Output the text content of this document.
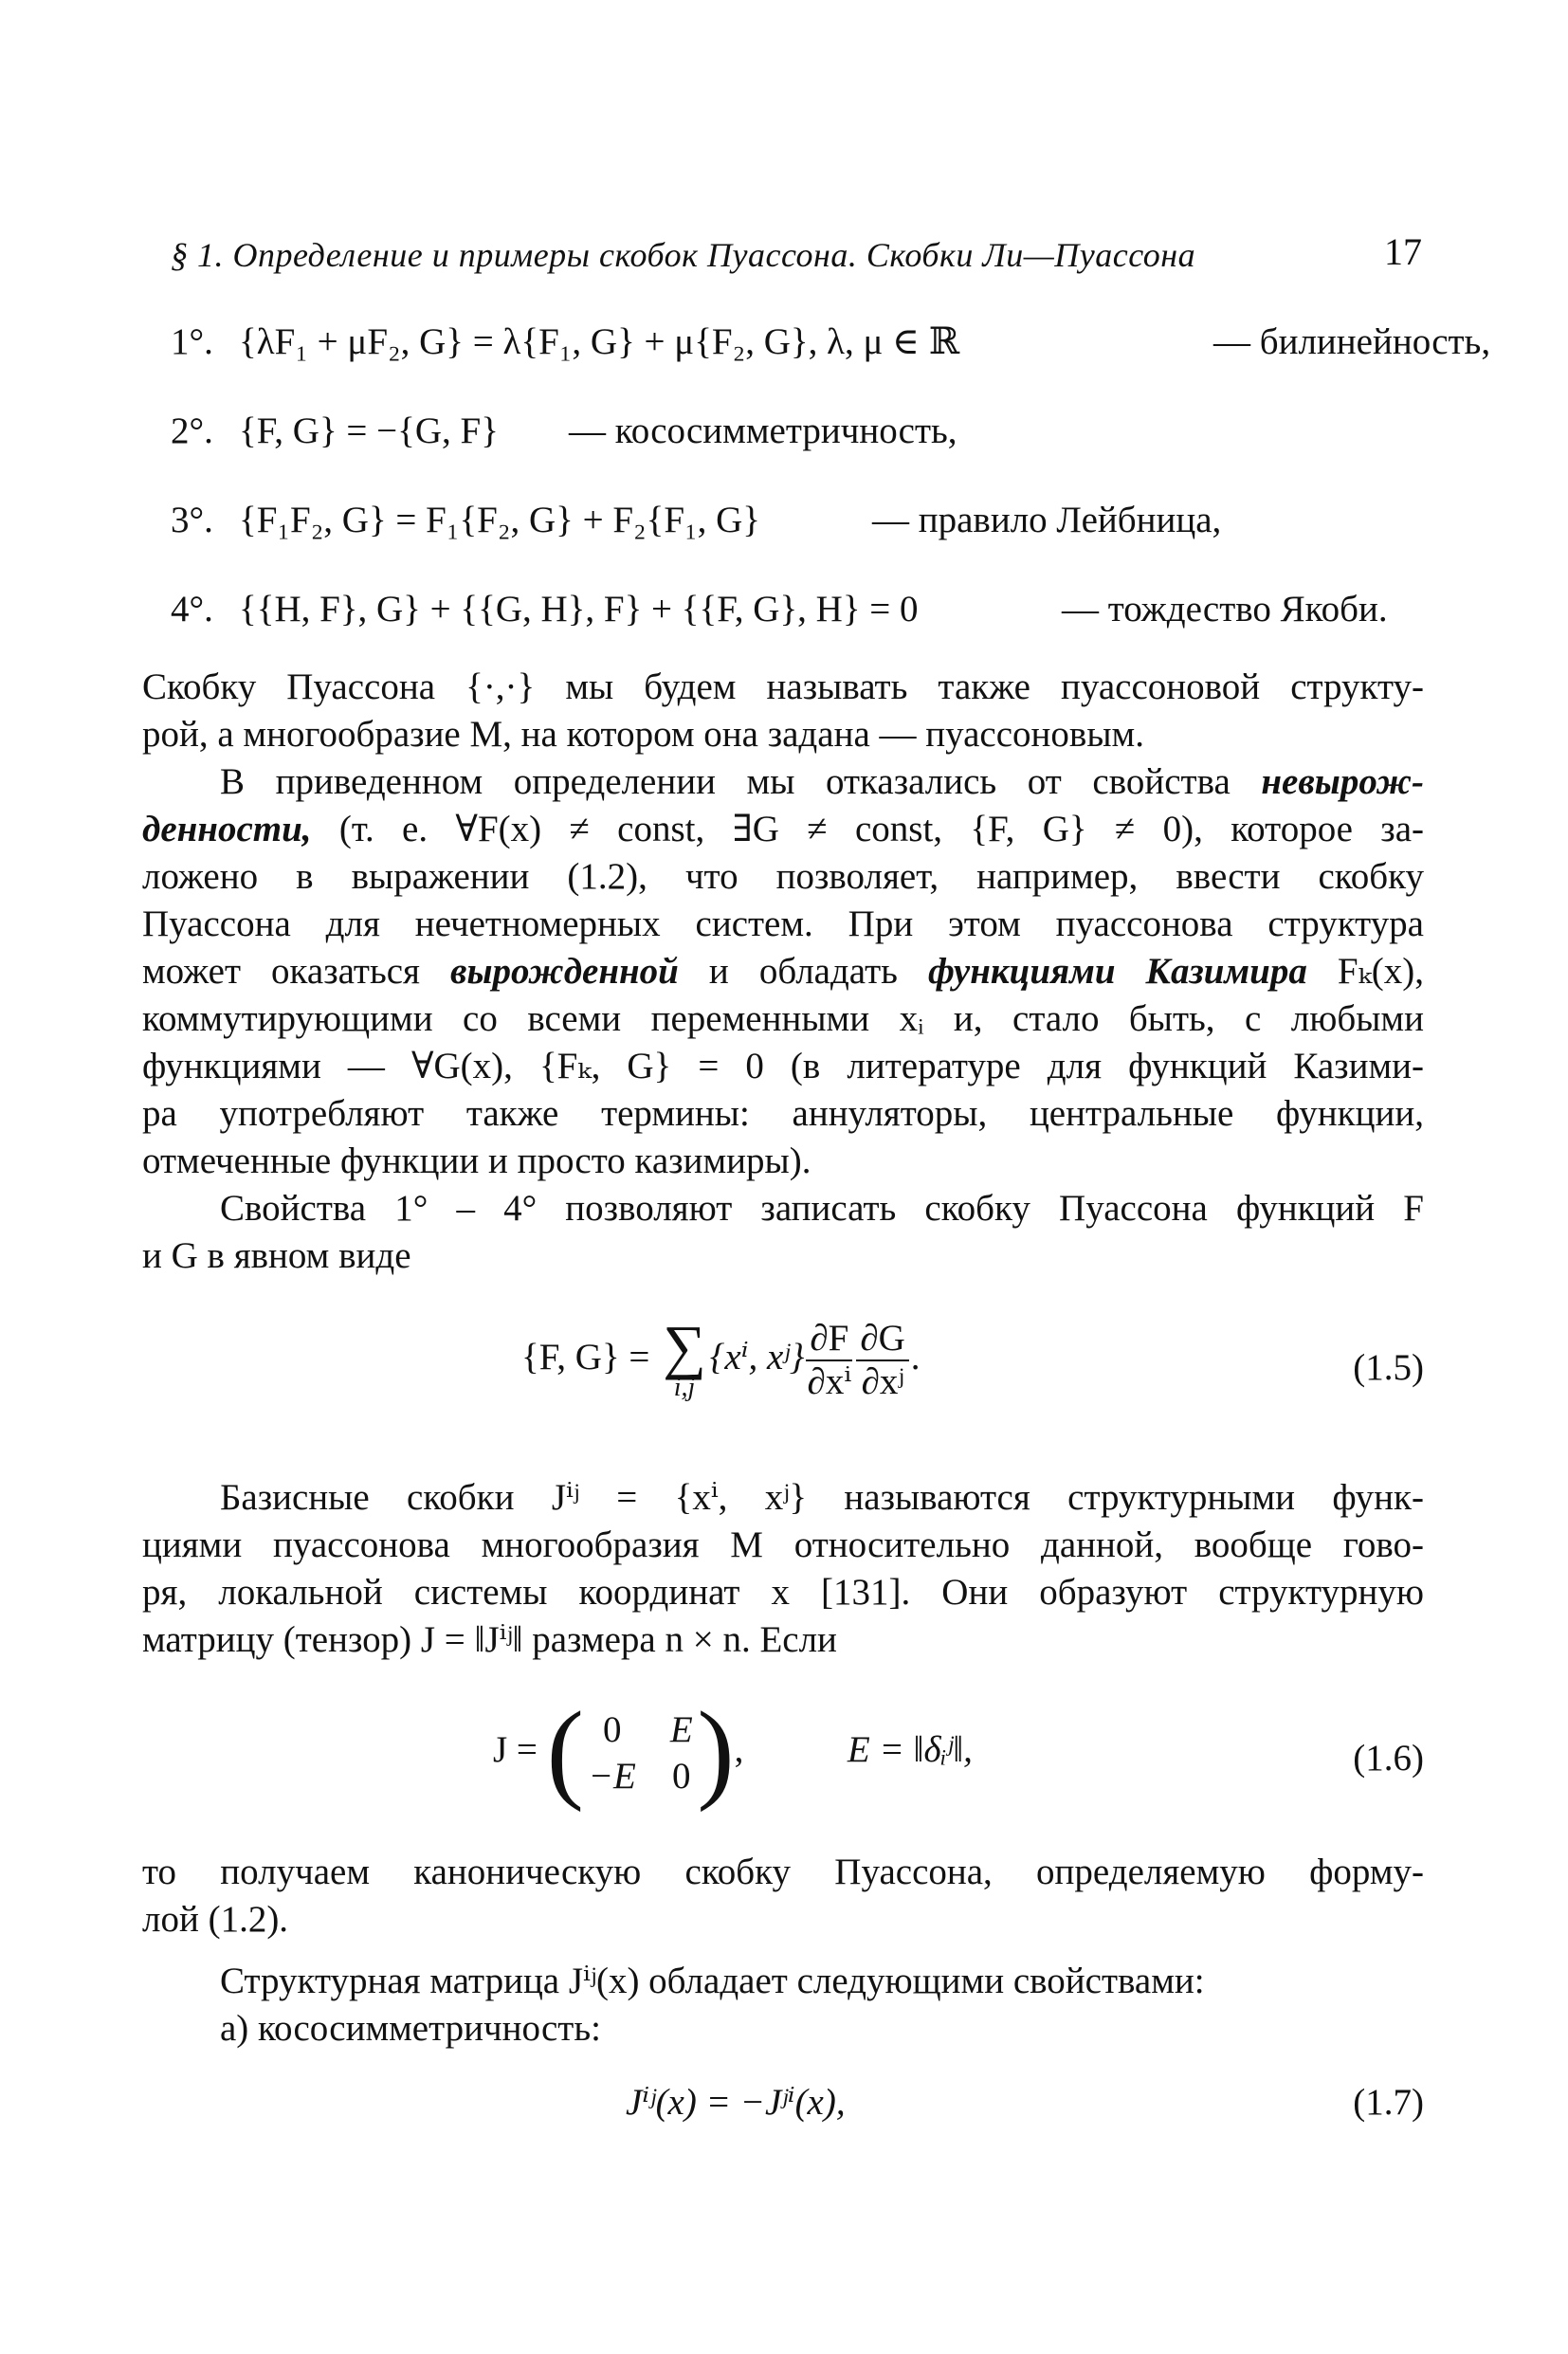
§ 1. Определение и примеры скобок Пуассона. Скобки Ли—Пуассона	17
1°. {λF₁ + μF₂, G} = λ{F₁, G} + μ{F₂, G}, λ, μ ∈ ℝ	— билинейность,
2°. {F, G} = −{G, F} — кососимметричность,
3°. {F₁F₂, G} = F₁{F₂, G} + F₂{F₁, G}	— правило Лейбница,
4°. {{H, F}, G} + {{G, H}, F} + {{F, G}, H} = 0	— тождество Якоби.
Скобку Пуассона {·,·} мы будем называть также пуассоновой структу-
рой, а многообразие M, на котором она задана — пуассоновым.
В приведенном определении мы отказались от свойства невырож-
денности, (т. е. ∀F(x) ≠ const, ∃G ≠ const, {F, G} ≠ 0), которое за-
ложено в выражении (1.2), что позволяет, например, ввести скобку
Пуассона для нечетномерных систем. При этом пуассонова структура
может оказаться вырожденной и обладать функциями Казимира Fₖ(x),
коммутирующими со всеми переменными xᵢ и, стало быть, с любыми
функциями — ∀G(x), {Fₖ, G} = 0 (в литературе для функций Казими-
ра употребляют также термины: аннуляторы, центральные функции,
отмеченные функции и просто казимиры).
Свойства 1° – 4° позволяют записать скобку Пуассона функций F
и G в явном виде
{F, G} = ∑
i,j
{xⁱ, xʲ} $\frac{\partial F}{\text{∂xⁱ}} \frac{\partial G}{\text{∂xʲ}}$ .	(1.5)
Базисные скобки Jⁱʲ = {xⁱ, xʲ} называются структурными функ-
циями пуассонова многообразия M относительно данной, вообще гово-
ря, локальной системы координат x [131]. Они образуют структурную
матрицу (тензор) J = ‖Jⁱʲ‖ размера n × n. Если
J = ( 0	E
−E	0 ) ,	E = ‖δᵢʲ‖,	(1.6)
то получаем каноническую скобку Пуассона, определяемую форму-
лой (1.2).
Структурная матрица Jⁱʲ(x) обладает следующими свойствами:
а) кососимметричность:
Jⁱʲ(x) = −Jʲⁱ(x),	(1.7)
